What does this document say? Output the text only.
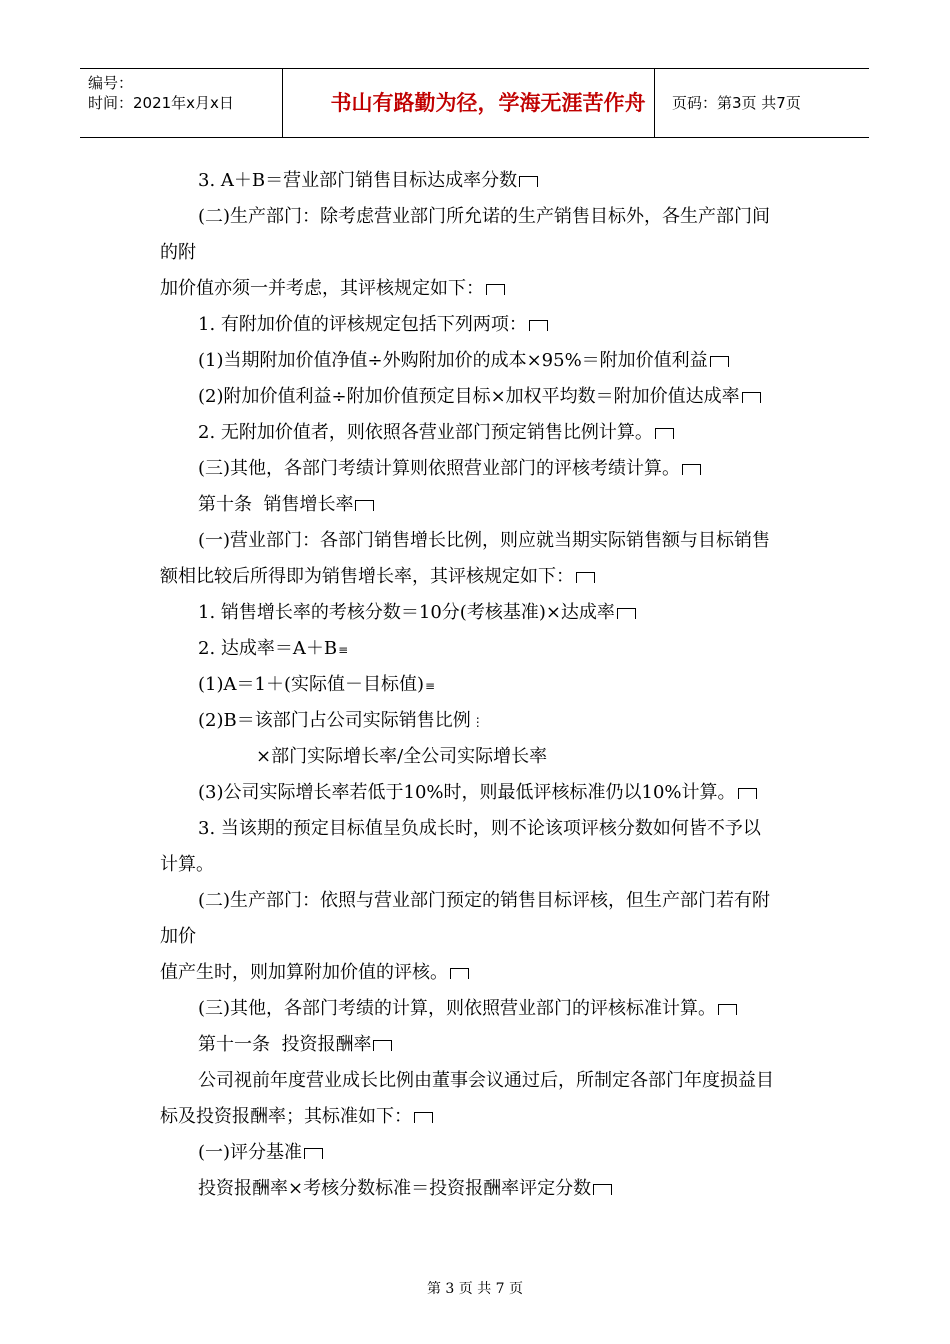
编号：
时间：2021年x月x日	书山有路勤为径，学海无涯苦作舟	页码：第3页 共7页
3. A＋B＝营业部门销售目标达成率分数
(二)生产部门：除考虑营业部门所允诺的生产销售目标外，各生产部门间
的附
加价值亦须一并考虑，其评核规定如下：
1. 有附加价值的评核规定包括下列两项：
(1)当期附加价值净值÷外购附加价的成本×95%＝附加价值利益
(2)附加价值利益÷附加价值预定目标×加权平均数＝附加价值达成率
2. 无附加价值者，则依照各营业部门预定销售比例计算。
(三)其他，各部门考绩计算则依照营业部门的评核考绩计算。
第十条  销售增长率
(一)营业部门：各部门销售增长比例，则应就当期实际销售额与目标销售
额相比较后所得即为销售增长率，其评核规定如下：
1. 销售增长率的考核分数＝10分(考核基准)×达成率
2. 达成率＝A＋B≡
(1)A＝1＋(实际值－目标值)≡
(2)B＝该部门占公司实际销售比例⋮
×部门实际增长率/全公司实际增长率
(3)公司实际增长率若低于10%时，则最低评核标准仍以10%计算。
3. 当该期的预定目标值呈负成长时，则不论该项评核分数如何皆不予以
计算。
(二)生产部门：依照与营业部门预定的销售目标评核，但生产部门若有附
加价
值产生时，则加算附加价值的评核。
(三)其他，各部门考绩的计算，则依照营业部门的评核标准计算。
第十一条  投资报酬率
公司视前年度营业成长比例由董事会议通过后，所制定各部门年度损益目
标及投资报酬率；其标准如下：
(一)评分基准
投资报酬率×考核分数标准＝投资报酬率评定分数
第 3 页 共 7 页
